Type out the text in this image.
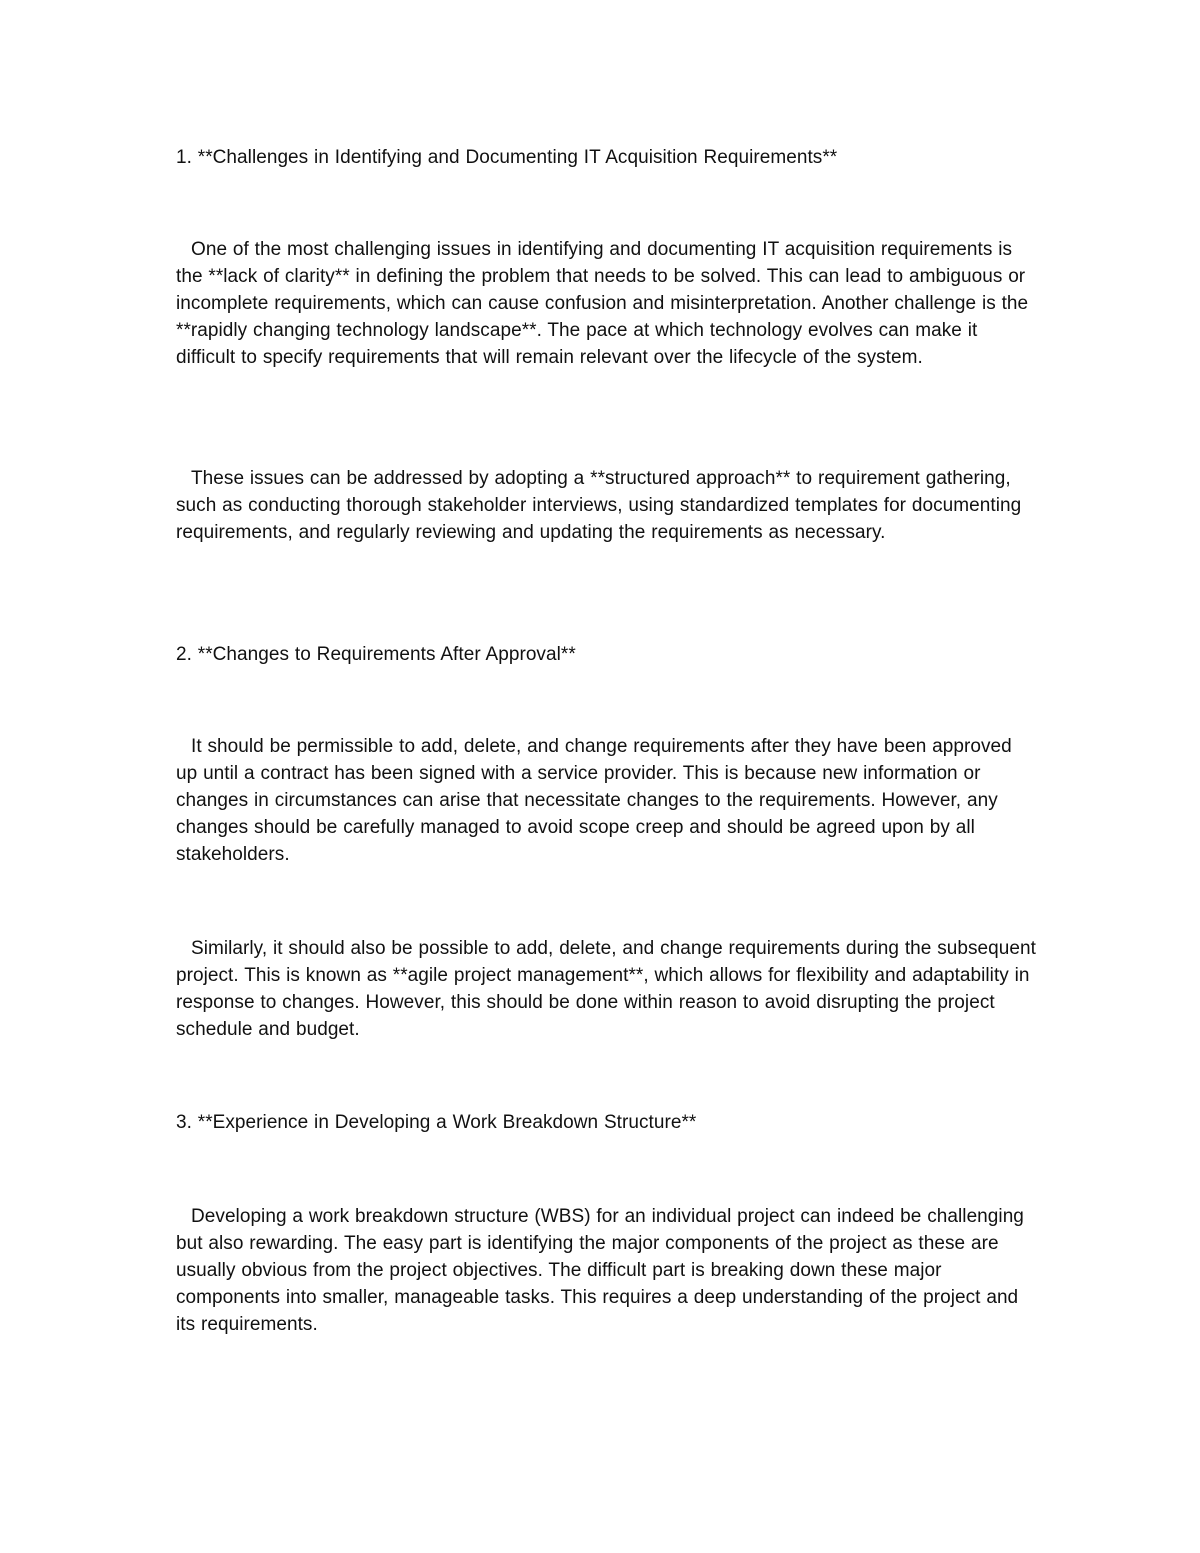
1. **Challenges in Identifying and Documenting IT Acquisition Requirements**
One of the most challenging issues in identifying and documenting IT acquisition requirements is the **lack of clarity** in defining the problem that needs to be solved. This can lead to ambiguous or incomplete requirements, which can cause confusion and misinterpretation. Another challenge is the **rapidly changing technology landscape**. The pace at which technology evolves can make it difficult to specify requirements that will remain relevant over the lifecycle of the system.
These issues can be addressed by adopting a **structured approach** to requirement gathering, such as conducting thorough stakeholder interviews, using standardized templates for documenting requirements, and regularly reviewing and updating the requirements as necessary.
2. **Changes to Requirements After Approval**
It should be permissible to add, delete, and change requirements after they have been approved up until a contract has been signed with a service provider. This is because new information or changes in circumstances can arise that necessitate changes to the requirements. However, any changes should be carefully managed to avoid scope creep and should be agreed upon by all stakeholders.
Similarly, it should also be possible to add, delete, and change requirements during the subsequent project. This is known as **agile project management**, which allows for flexibility and adaptability in response to changes. However, this should be done within reason to avoid disrupting the project schedule and budget.
3. **Experience in Developing a Work Breakdown Structure**
Developing a work breakdown structure (WBS) for an individual project can indeed be challenging but also rewarding. The easy part is identifying the major components of the project as these are usually obvious from the project objectives. The difficult part is breaking down these major components into smaller, manageable tasks. This requires a deep understanding of the project and its requirements.
